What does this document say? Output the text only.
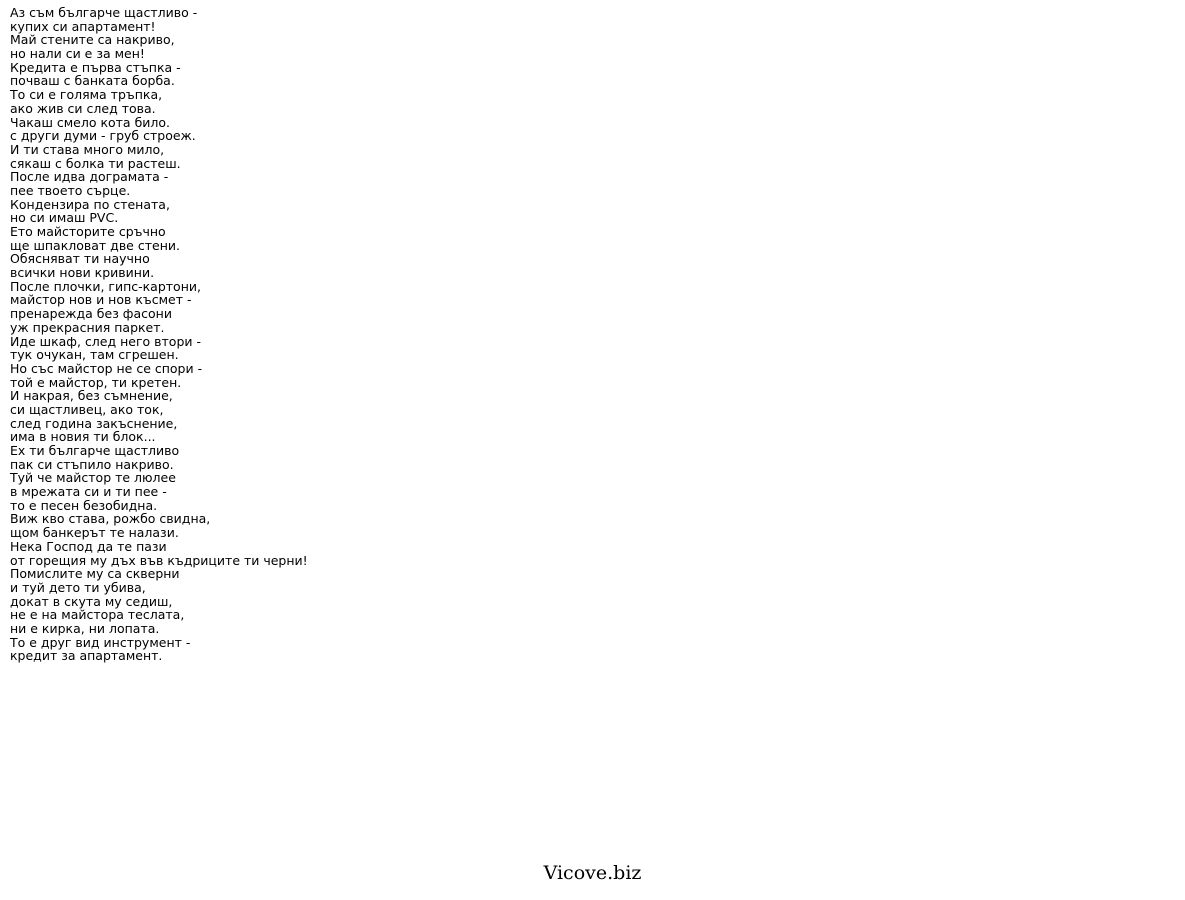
Аз съм българче щастливо -
купих си апартамент!
Май стените са накриво,
но нали си е за мен!
Кредита е първа стъпка -
почваш с банката борба.
То си е голяма тръпка,
ако жив си след това.
Чакаш смело кота било.
с други думи - груб строеж.
И ти става много мило,
сякаш с болка ти растеш.
После идва дограмата -
пее твоето сърце.
Кондензира по стената,
но си имаш PVC.
Ето майсторите сръчно
ще шпакловат две стени.
Обясняват ти научно
всички нови кривини.
После плочки, гипс-картони,
майстор нов и нов късмет -
пренарежда без фасони
уж прекрасния паркет.
Иде шкаф, след него втори -
тук очукан, там сгрешен.
Но със майстор не се спори -
той е майстор, ти кретен.
И накрая, без съмнение,
си щастливец, ако ток,
след година закъснение,
има в новия ти блок...
Ех ти българче щастливо
пак си стъпило накриво.
Туй че майстор те люлее
в мрежата си и ти пее -
то е песен безобидна.
Виж кво става, рожбо свидна,
щом банкерът те налази.
Нека Господ да те пази
от горещия му дъх във къдриците ти черни!
Помислите му са скверни
и туй дето ти убива,
докат в скута му седиш,
не е на майстора теслата,
ни е кирка, ни лопата.
То е друг вид инструмент -
кредит за апартамент.
Vicove.biz
